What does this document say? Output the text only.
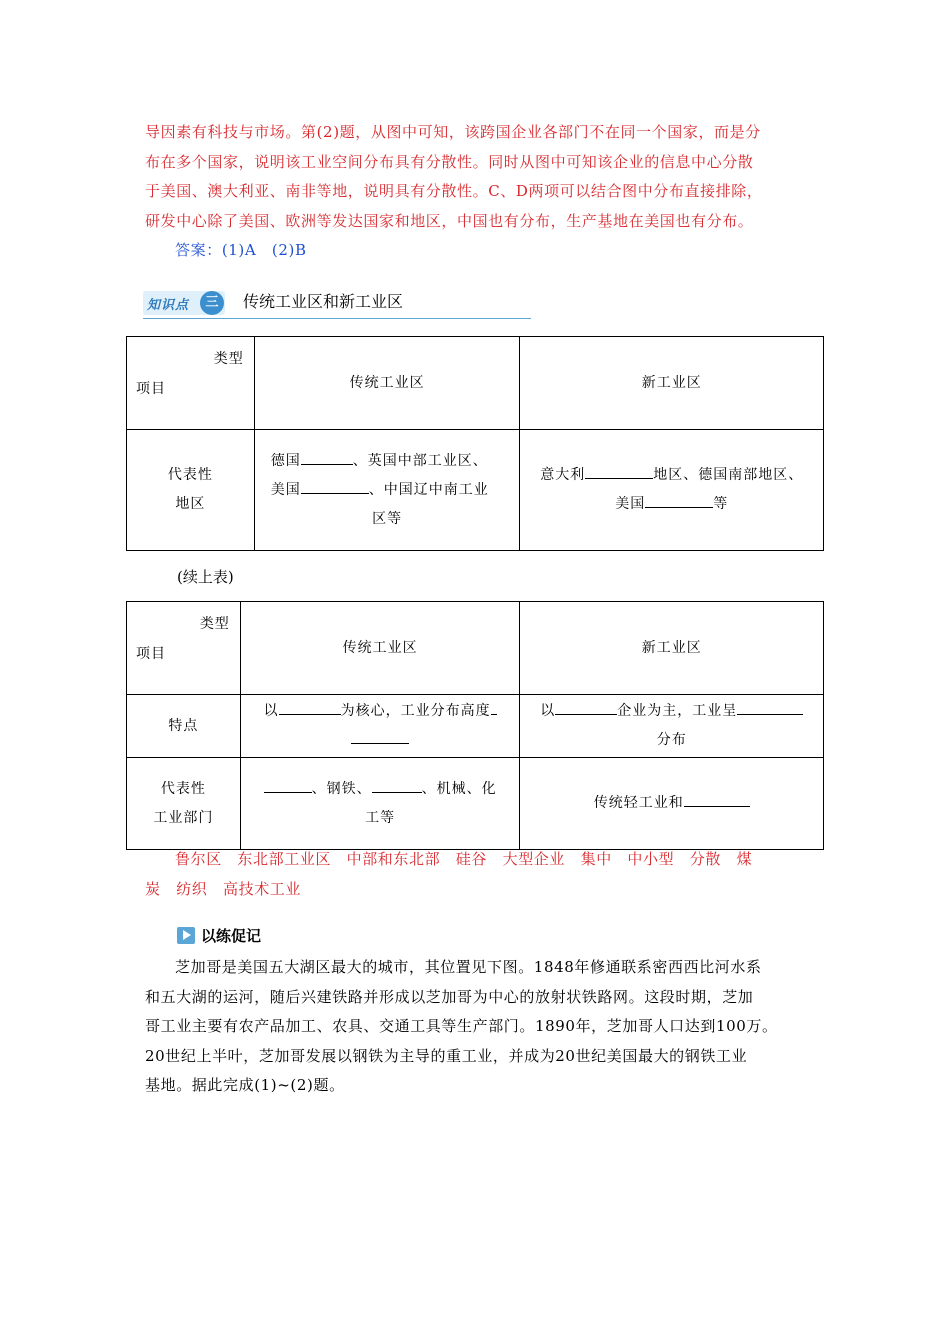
导因素有科技与市场。第(2)题，从图中可知，该跨国企业各部门不在同一个国家，而是分

布在多个国家，说明该工业空间分布具有分散性。同时从图中可知该企业的信息中心分散

于美国、澳大利亚、南非等地，说明具有分散性。C、D两项可以结合图中分布直接排除，

研发中心除了美国、欧洲等发达国家和地区，中国也有分布，生产基地在美国也有分布。

答案：(1)A　(2)B

知识点	三	传统工业区和新工业区
类型
项目	传统工业区	新工业区
代表性
地区	德国 、英国中部工业区、
美国 、中国辽中南工业

区等	意大利 地区、德国南部地区、
美国 等
(续上表)
类型
项目	传统工业区	新工业区
特点	以 为核心，工业分布高度	以 企业为主，工业呈
分布
代表性
工业部门	、钢铁、 、机械、化
工等	传统轻工业和

鲁尔区　东北部工业区　中部和东北部　硅谷　大型企业　集中　中小型　分散　煤

炭　纺织　高技术工业

以练促记

芝加哥是美国五大湖区最大的城市，其位置见下图。1848年修通联系密西西比河水系

和五大湖的运河，随后兴建铁路并形成以芝加哥为中心的放射状铁路网。这段时期，芝加

哥工业主要有农产品加工、农具、交通工具等生产部门。1890年，芝加哥人口达到100万。

20世纪上半叶，芝加哥发展以钢铁为主导的重工业，并成为20世纪美国最大的钢铁工业

基地。据此完成(1)~(2)题。
